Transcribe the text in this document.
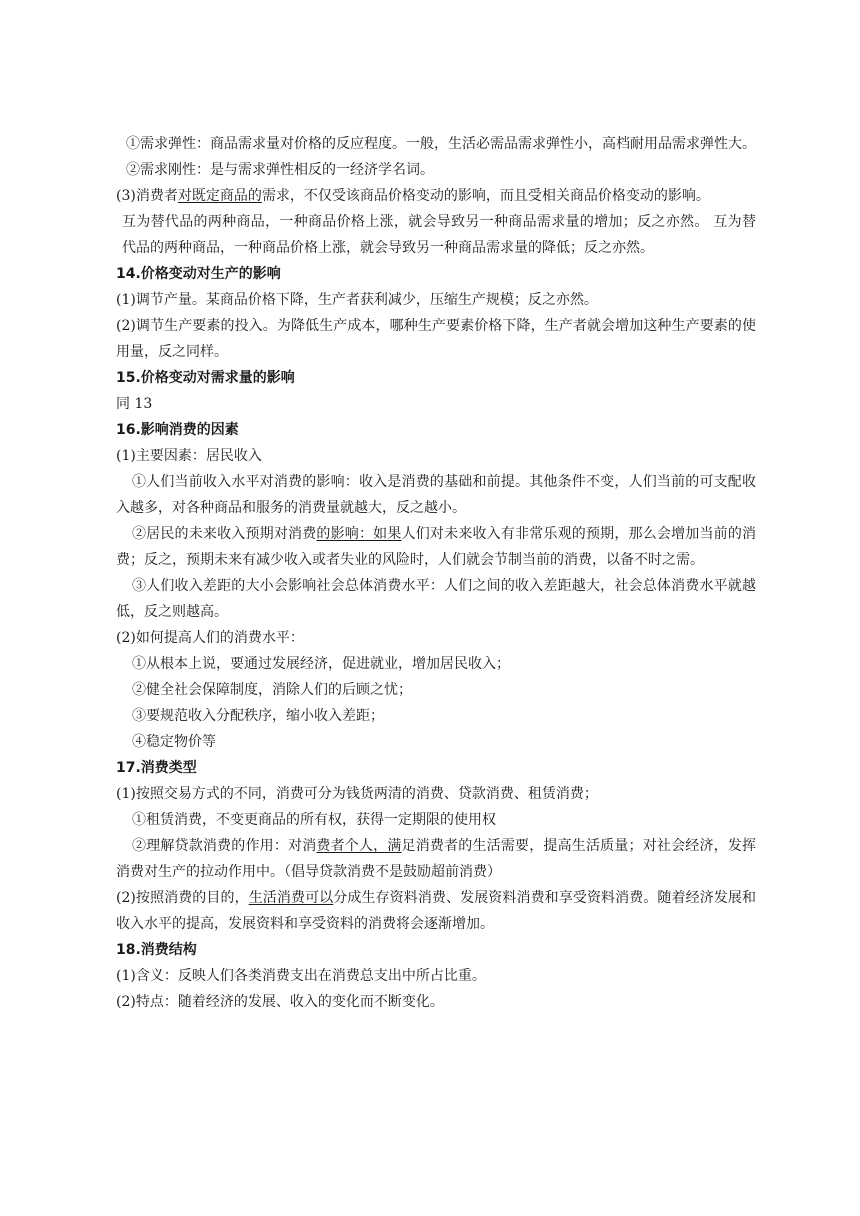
①需求弹性：商品需求量对价格的反应程度。一般，生活必需品需求弹性小，高档耐用品需求弹性大。

②需求刚性：是与需求弹性相反的一经济学名词。

(3)消费者对既定商品的需求，不仅受该商品价格变动的影响，而且受相关商品价格变动的影响。

互为替代品的两种商品，一种商品价格上涨，就会导致另一种商品需求量的增加；反之亦然。 互为替代品的两种商品，一种商品价格上涨，就会导致另一种商品需求量的降低；反之亦然。

14.价格变动对生产的影响

(1)调节产量。某商品价格下降，生产者获利减少，压缩生产规模；反之亦然。

(2)调节生产要素的投入。为降低生产成本，哪种生产要素价格下降，生产者就会增加这种生产要素的使用量，反之同样。

15.价格变动对需求量的影响

同 13

16.影响消费的因素

(1)主要因素：居民收入

①人们当前收入水平对消费的影响：收入是消费的基础和前提。其他条件不变，人们当前的可支配收入越多，对各种商品和服务的消费量就越大，反之越小。

②居民的未来收入预期对消费的影响：如果人们对未来收入有非常乐观的预期，那么会增加当前的消费；反之，预期未来有减少收入或者失业的风险时，人们就会节制当前的消费，以备不时之需。

③人们收入差距的大小会影响社会总体消费水平：人们之间的收入差距越大，社会总体消费水平就越低，反之则越高。

(2)如何提高人们的消费水平：

①从根本上说，要通过发展经济，促进就业，增加居民收入；

②健全社会保障制度，消除人们的后顾之忧；

③要规范收入分配秩序，缩小收入差距；

④稳定物价等

17.消费类型

(1)按照交易方式的不同，消费可分为钱货两清的消费、贷款消费、租赁消费；

①租赁消费，不变更商品的所有权，获得一定期限的使用权

②理解贷款消费的作用：对消费者个人，满足消费者的生活需要，提高生活质量；对社会经济，发挥消费对生产的拉动作用中。（倡导贷款消费不是鼓励超前消费）

(2)按照消费的目的，生活消费可以分成生存资料消费、发展资料消费和享受资料消费。随着经济发展和收入水平的提高，发展资料和享受资料的消费将会逐渐增加。

18.消费结构

(1)含义：反映人们各类消费支出在消费总支出中所占比重。

(2)特点：随着经济的发展、收入的变化而不断变化。
